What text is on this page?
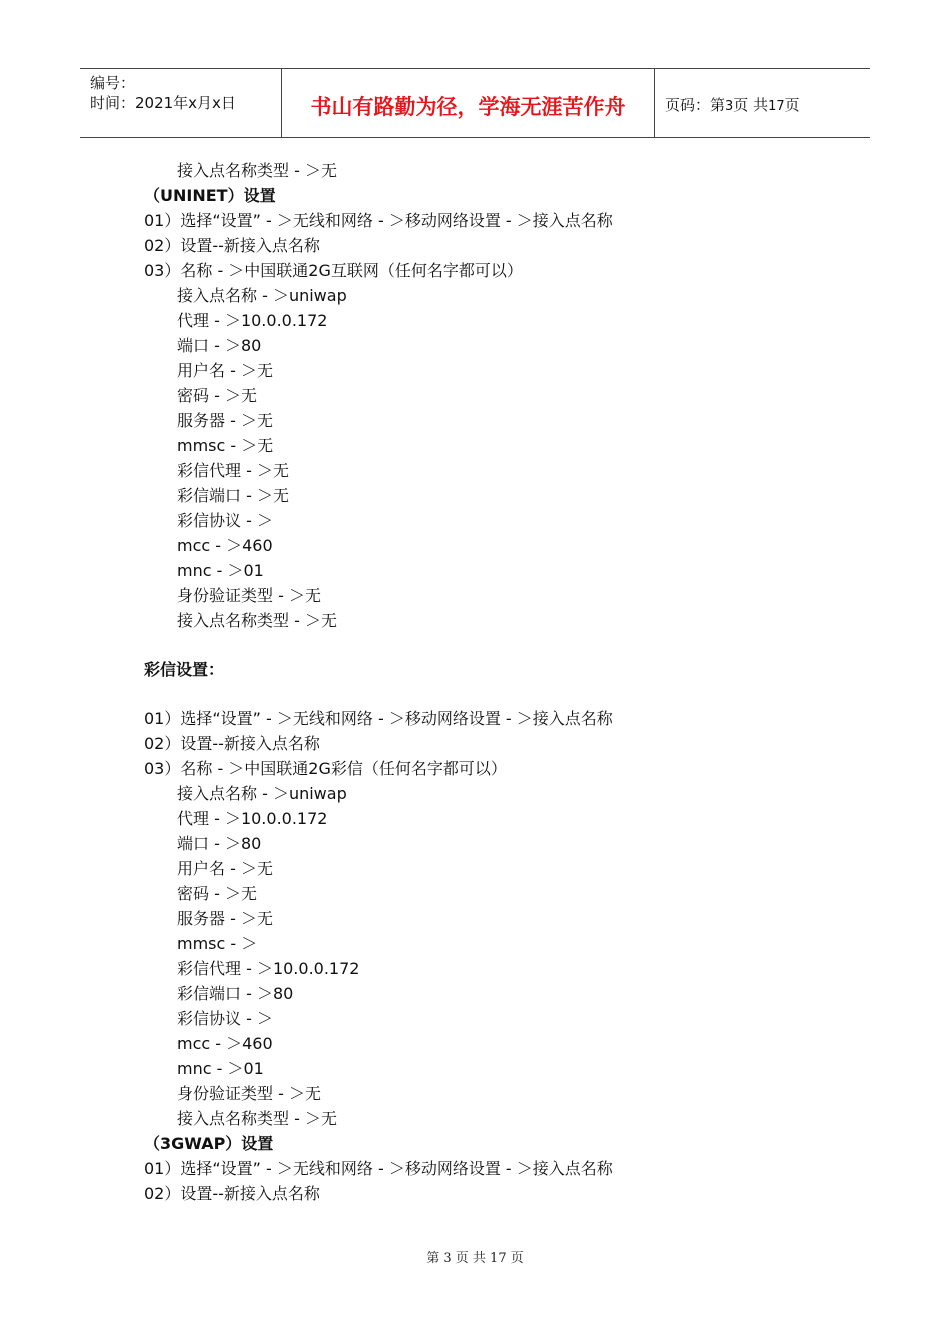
编号：
时间：2021年x月x日	书山有路勤为径，学海无涯苦作舟	页码：第3页 共17页
接入点名称类型 - ＞无
（UNINET）设置
01）选择“设置” - ＞无线和网络 - ＞移动网络设置 - ＞接入点名称
02）设置--新接入点名称
03）名称 - ＞中国联通2G互联网（任何名字都可以）
接入点名称 - ＞uniwap
代理 - ＞10.0.0.172
端口 - ＞80
用户名 - ＞无
密码 - ＞无
服务器 - ＞无
mmsc - ＞无
彩信代理 - ＞无
彩信端口 - ＞无
彩信协议 - ＞
mcc - ＞460
mnc - ＞01
身份验证类型 - ＞无
接入点名称类型 - ＞无
彩信设置：
01）选择“设置” - ＞无线和网络 - ＞移动网络设置 - ＞接入点名称
02）设置--新接入点名称
03）名称 - ＞中国联通2G彩信（任何名字都可以）
接入点名称 - ＞uniwap
代理 - ＞10.0.0.172
端口 - ＞80
用户名 - ＞无
密码 - ＞无
服务器 - ＞无
mmsc - ＞
彩信代理 - ＞10.0.0.172
彩信端口 - ＞80
彩信协议 - ＞
mcc - ＞460
mnc - ＞01
身份验证类型 - ＞无
接入点名称类型 - ＞无
（3GWAP）设置
01）选择“设置” - ＞无线和网络 - ＞移动网络设置 - ＞接入点名称
02）设置--新接入点名称
第 3 页 共 17 页
